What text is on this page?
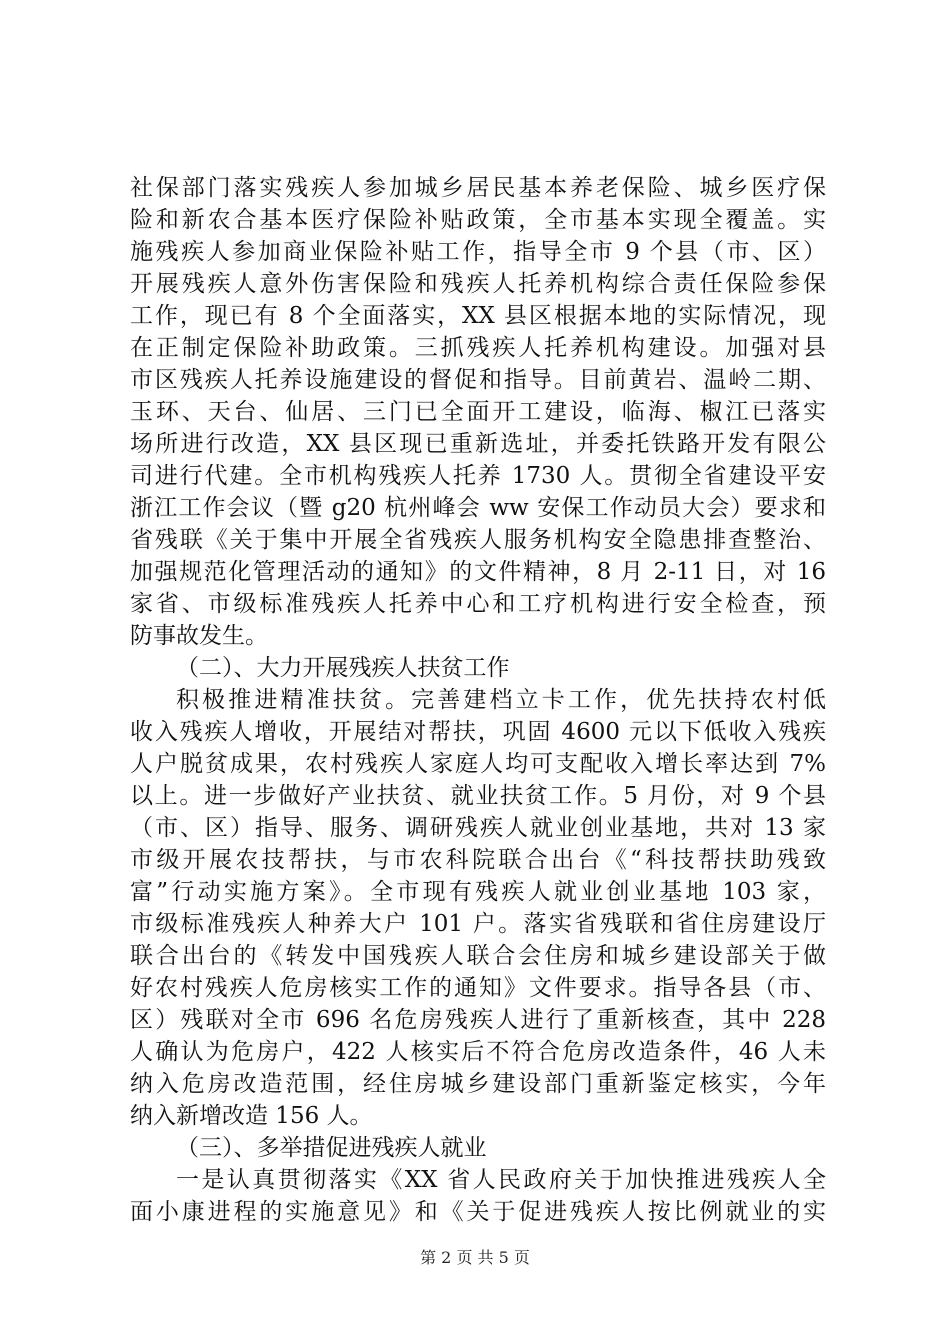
社保部门落实残疾人参加城乡居民基本养老保险、城乡医疗保
险和新农合基本医疗保险补贴政策，全市基本实现全覆盖。实
施残疾人参加商业保险补贴工作，指导全市 9 个县（市、区）
开展残疾人意外伤害保险和残疾人托养机构综合责任保险参保
工作，现已有 8 个全面落实，XX 县区根据本地的实际情况，现
在正制定保险补助政策。三抓残疾人托养机构建设。加强对县
市区残疾人托养设施建设的督促和指导。目前黄岩、温岭二期、
玉环、天台、仙居、三门已全面开工建设，临海、椒江已落实
场所进行改造，XX 县区现已重新选址，并委托铁路开发有限公
司进行代建。全市机构残疾人托养 1730 人。贯彻全省建设平安
浙江工作会议（暨 g20 杭州峰会 ww 安保工作动员大会）要求和
省残联《关于集中开展全省残疾人服务机构安全隐患排查整治、
加强规范化管理活动的通知》的文件精神，8 月 2-11 日，对 16
家省、市级标准残疾人托养中心和工疗机构进行安全检查，预
防事故发生。
（二）、大力开展残疾人扶贫工作
积极推进精准扶贫。完善建档立卡工作，优先扶持农村低
收入残疾人增收，开展结对帮扶，巩固 4600 元以下低收入残疾
人户脱贫成果，农村残疾人家庭人均可支配收入增长率达到 7%
以上。进一步做好产业扶贫、就业扶贫工作。5 月份，对 9 个县
（市、区）指导、服务、调研残疾人就业创业基地，共对 13 家
市级开展农技帮扶，与市农科院联合出台《“科技帮扶助残致
富”行动实施方案》。全市现有残疾人就业创业基地 103 家，
市级标准残疾人种养大户 101 户。落实省残联和省住房建设厅
联合出台的《转发中国残疾人联合会住房和城乡建设部关于做
好农村残疾人危房核实工作的通知》文件要求。指导各县（市、
区）残联对全市 696 名危房残疾人进行了重新核查，其中 228
人确认为危房户，422 人核实后不符合危房改造条件，46 人未
纳入危房改造范围，经住房城乡建设部门重新鉴定核实，今年
纳入新增改造 156 人。
（三）、多举措促进残疾人就业
一是认真贯彻落实《XX 省人民政府关于加快推进残疾人全
面小康进程的实施意见》和《关于促进残疾人按比例就业的实
第 2 页 共 5 页
